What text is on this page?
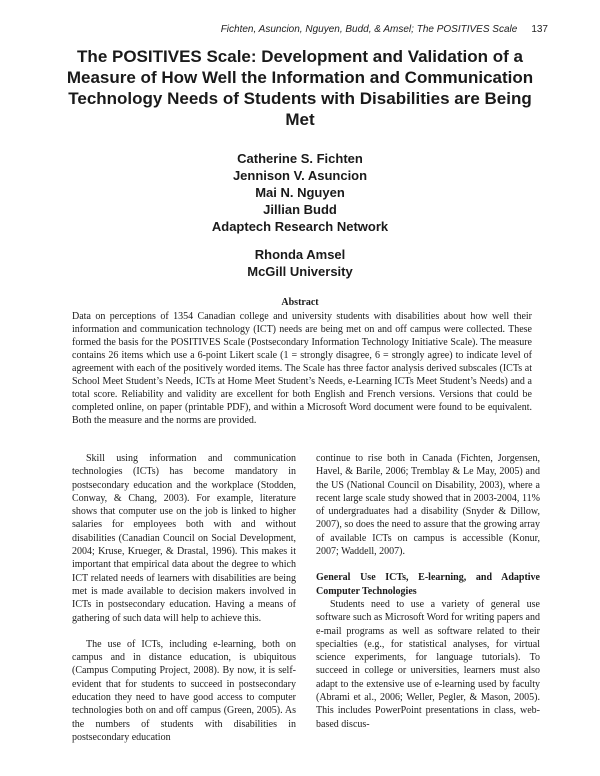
Fichten, Asuncion, Nguyen, Budd, & Amsel; The POSITIVES Scale 137
The POSITIVES Scale: Development and Validation of a Measure of How Well the Information and Communication Technology Needs of Students with Disabilities are Being Met
Catherine S. Fichten
Jennison V. Asuncion
Mai N. Nguyen
Jillian Budd
Adaptech Research Network
Rhonda Amsel
McGill University
Abstract

Data on perceptions of 1354 Canadian college and university students with disabilities about how well their information and communication technology (ICT) needs are being met on and off campus were collected. These formed the basis for the POSITIVES Scale (Postsecondary Information Technology Initiative Scale). The measure contains 26 items which use a 6-point Likert scale (1 = strongly disagree, 6 = strongly agree) to indicate level of agreement with each of the positively worded items. The Scale has three factor analysis derived subscales (ICTs at School Meet Student’s Needs, ICTs at Home Meet Student’s Needs, e-Learning ICTs Meet Student’s Needs) and a total score. Reliability and validity are excellent for both English and French versions. Versions that could be completed online, on paper (printable PDF), and within a Microsoft Word document were found to be equivalent. Both the measure and the norms are provided.

Skill using information and communication technologies (ICTs) has become mandatory in postsecondary education and the workplace (Stodden, Conway, & Chang, 2003). For example, literature shows that computer use on the job is linked to higher salaries for employees both with and without disabilities (Canadian Council on Social Development, 2004; Kruse, Krueger, & Drastal, 1996). This makes it important that empirical data about the degree to which ICT related needs of learners with disabilities are being met is made available to decision makers involved in ICTs in postsecondary education. Having a means of gathering of such data will help to achieve this.

The use of ICTs, including e-learning, both on campus and in distance education, is ubiquitous (Campus Computing Project, 2008). By now, it is self-evident that for students to succeed in postsecondary education they need to have good access to computer technologies both on and off campus (Green, 2005). As the numbers of students with disabilities in postsecondary education

continue to rise both in Canada (Fichten, Jorgensen, Havel, & Barile, 2006; Tremblay & Le May, 2005) and the US (National Council on Disability, 2003), where a recent large scale study showed that in 2003-2004, 11% of undergraduates had a disability (Snyder & Dillow, 2007), so does the need to assure that the growing array of available ICTs on campus is accessible (Konur, 2007; Waddell, 2007).

General Use ICTs, E-learning, and Adaptive Computer Technologies

Students need to use a variety of general use software such as Microsoft Word for writing papers and e-mail programs as well as software related to their specialties (e.g., for statistical analyses, for virtual science experiments, for language tutorials). To succeed in college or universities, learners must also adapt to the extensive use of e-learning used by faculty (Abrami et al., 2006; Weller, Pegler, & Mason, 2005). This includes PowerPoint presentations in class, web-based discus-
